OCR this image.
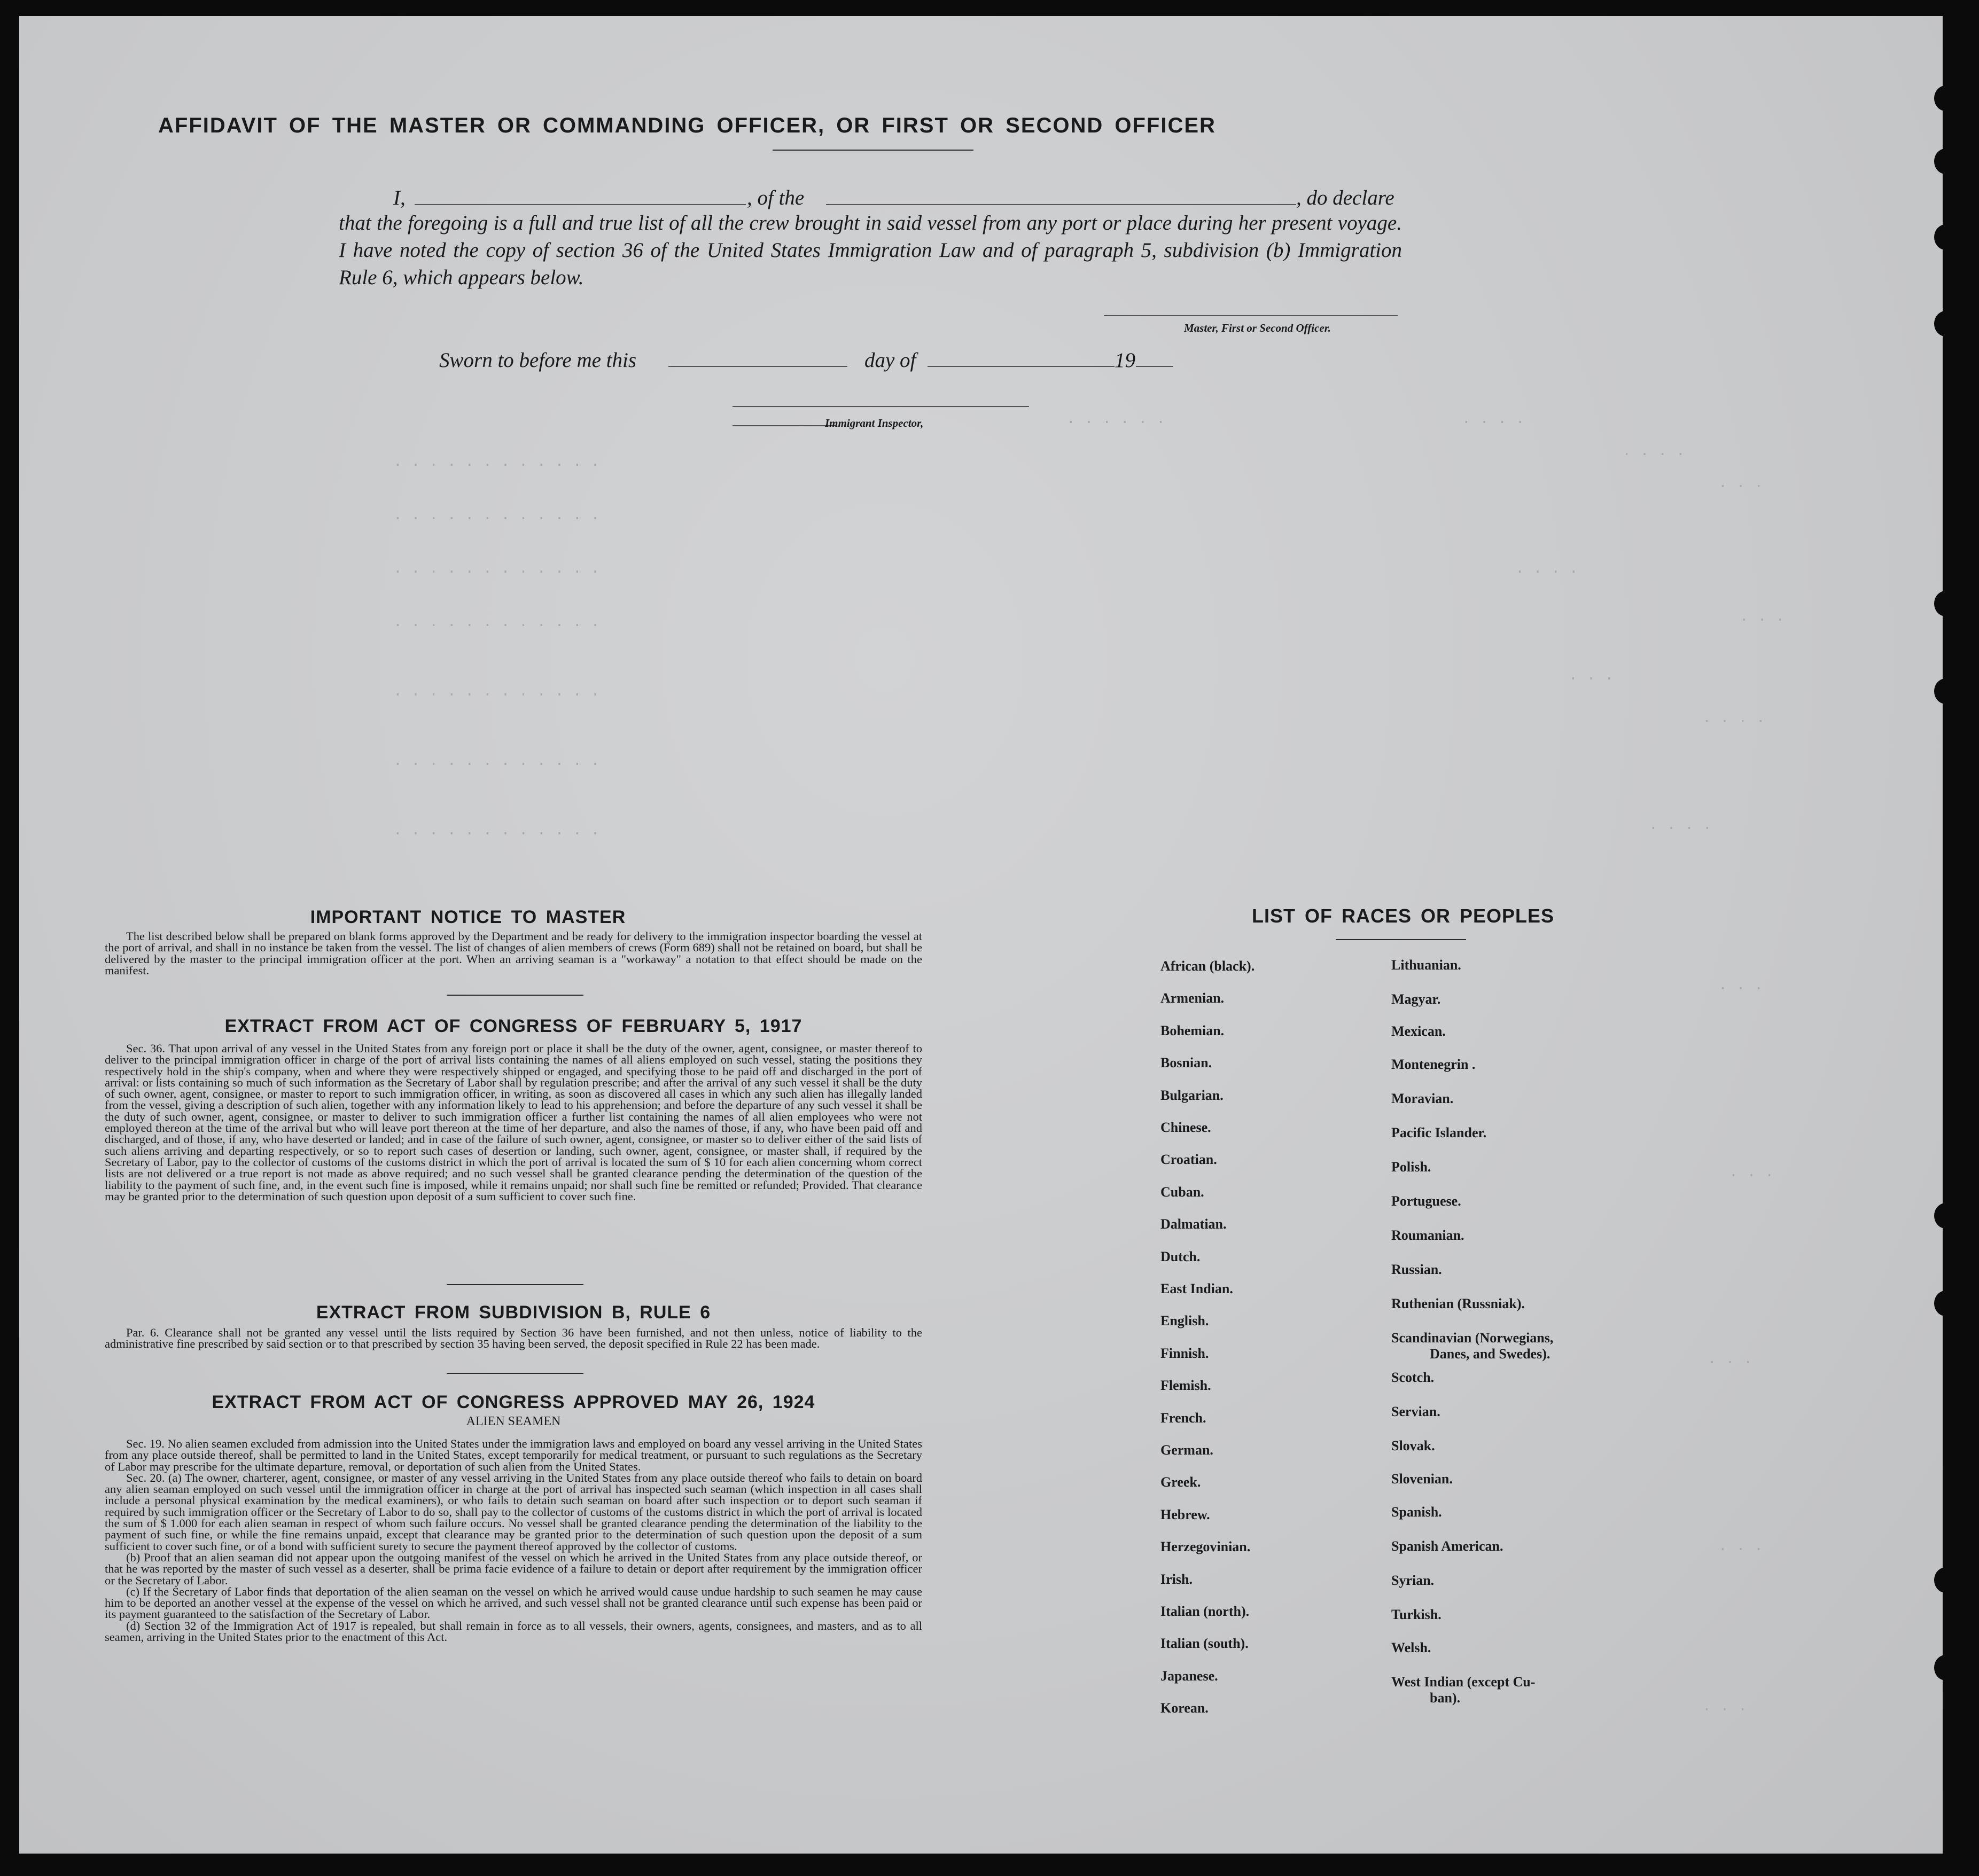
. . . . . .	. . . .
. . . .
. . .
. . . .
. . .
. . .
. . . .
. . . .
. . .
. . .
. . .
. . .
. . .
. . . . . . . . . . . .
. . . . . . . . . . . .
. . . . . . . . . . . .
. . . . . . . . . . . .
. . . . . . . . . . . .
. . . . . . . . . . . .
. . . . . . . . . . . .
AFFIDAVIT OF THE MASTER OR COMMANDING OFFICER, OR FIRST OR SECOND OFFICER
I,	, of the	, do declare
that the foregoing is a full and true list of all the crew brought in said vessel from any port or place during her present voyage. I have noted the copy of section 36 of the United States Immigration Law and of paragraph 5, subdivision (b) Immigration Rule 6, which appears below.
Master, First or Second Officer.
Sworn to before me this	day of	19
Immigrant Inspector,
IMPORTANT NOTICE TO MASTER

The list described below shall be prepared on blank forms approved by the Department and be ready for delivery to the immigration inspector boarding the vessel at the port of arrival, and shall in no instance be taken from the vessel. The list of changes of alien members of crews (Form 689) shall not be retained on board, but shall be delivered by the master to the principal immigration officer at the port. When an arriving seaman is a "workaway" a notation to that effect should be made on the manifest.

EXTRACT FROM ACT OF CONGRESS OF FEBRUARY 5, 1917

Sec. 36. That upon arrival of any vessel in the United States from any foreign port or place it shall be the duty of the owner, agent, consignee, or master thereof to deliver to the principal immigration officer in charge of the port of arrival lists containing the names of all aliens employed on such vessel, stating the positions they respectively hold in the ship's company, when and where they were respectively shipped or engaged, and specifying those to be paid off and discharged in the port of arrival: or lists containing so much of such information as the Secretary of Labor shall by regulation prescribe; and after the arrival of any such vessel it shall be the duty of such owner, agent, consignee, or master to report to such immigration officer, in writing, as soon as discovered all cases in which any such alien has illegally landed from the vessel, giving a description of such alien, together with any information likely to lead to his apprehension; and before the departure of any such vessel it shall be the duty of such owner, agent, consignee, or master to deliver to such immigration officer a further list containing the names of all alien employees who were not employed thereon at the time of the arrival but who will leave port thereon at the time of her departure, and also the names of those, if any, who have been paid off and discharged, and of those, if any, who have deserted or landed; and in case of the failure of such owner, agent, consignee, or master so to deliver either of the said lists of such aliens arriving and departing respectively, or so to report such cases of desertion or landing, such owner, agent, consignee, or master shall, if required by the Secretary of Labor, pay to the collector of customs of the customs district in which the port of arrival is located the sum of $ 10 for each alien concerning whom correct lists are not delivered or a true report is not made as above required; and no such vessel shall be granted clearance pending the determination of the question of the liability to the payment of such fine, and, in the event such fine is imposed, while it remains unpaid; nor shall such fine be remitted or refunded; Provided. That clearance may be granted prior to the determination of such question upon deposit of a sum sufficient to cover such fine.

EXTRACT FROM SUBDIVISION B, RULE 6

Par. 6. Clearance shall not be granted any vessel until the lists required by Section 36 have been furnished, and not then unless, notice of liability to the administrative fine prescribed by said section or to that prescribed by section 35 having been served, the deposit specified in Rule 22 has been made.

EXTRACT FROM ACT OF CONGRESS APPROVED MAY 26, 1924
ALIEN SEAMEN

Sec. 19. No alien seamen excluded from admission into the United States under the immigration laws and employed on board any vessel arriving in the United States from any place outside thereof, shall be permitted to land in the United States, except temporarily for medical treatment, or pursuant to such regulations as the Secretary of Labor may prescribe for the ultimate departure, removal, or deportation of such alien from the United States.

Sec. 20. (a) The owner, charterer, agent, consignee, or master of any vessel arriving in the United States from any place outside thereof who fails to detain on board any alien seaman employed on such vessel until the immigration officer in charge at the port of arrival has inspected such seaman (which inspection in all cases shall include a personal physical examination by the medical examiners), or who fails to detain such seaman on board after such inspection or to deport such seaman if required by such immigration officer or the Secretary of Labor to do so, shall pay to the collector of customs of the customs district in which the port of arrival is located the sum of $ 1.000 for each alien seaman in respect of whom such failure occurs. No vessel shall be granted clearance pending the determination of the liability to the payment of such fine, or while the fine remains unpaid, except that clearance may be granted prior to the determination of such question upon the deposit of a sum sufficient to cover such fine, or of a bond with sufficient surety to secure the payment thereof approved by the collector of customs.

(b) Proof that an alien seaman did not appear upon the outgoing manifest of the vessel on which he arrived in the United States from any place outside thereof, or that he was reported by the master of such vessel as a deserter, shall be prima facie evidence of a failure to detain or deport after requirement by the immigration officer or the Secretary of Labor.

(c) If the Secretary of Labor finds that deportation of the alien seaman on the vessel on which he arrived would cause undue hardship to such seamen he may cause him to be deported an another vessel at the expense of the vessel on which he arrived, and such vessel shall not be granted clearance until such expense has been paid or its payment guaranteed to the satisfaction of the Secretary of Labor.

(d) Section 32 of the Immigration Act of 1917 is repealed, but shall remain in force as to all vessels, their owners, agents, consignees, and masters, and as to all seamen, arriving in the United States prior to the enactment of this Act.

LIST OF RACES OR PEOPLES
African (black).
Armenian.
Bohemian.
Bosnian.
Bulgarian.
Chinese.
Croatian.
Cuban.
Dalmatian.
Dutch.
East Indian.
English.
Finnish.
Flemish.
French.
German.
Greek.
Hebrew.
Herzegovinian.
Irish.
Italian (north).
Italian (south).
Japanese.
Korean.
Lithuanian.
Magyar.
Mexican.
Montenegrin .
Moravian.
Pacific Islander.
Polish.
Portuguese.
Roumanian.
Russian.
Ruthenian (Russniak).
Scandinavian (Norwegians,
Danes, and Swedes).
Scotch.
Servian.
Slovak.
Slovenian.
Spanish.
Spanish American.
Syrian.
Turkish.
Welsh.
West Indian (except Cu-
ban).
